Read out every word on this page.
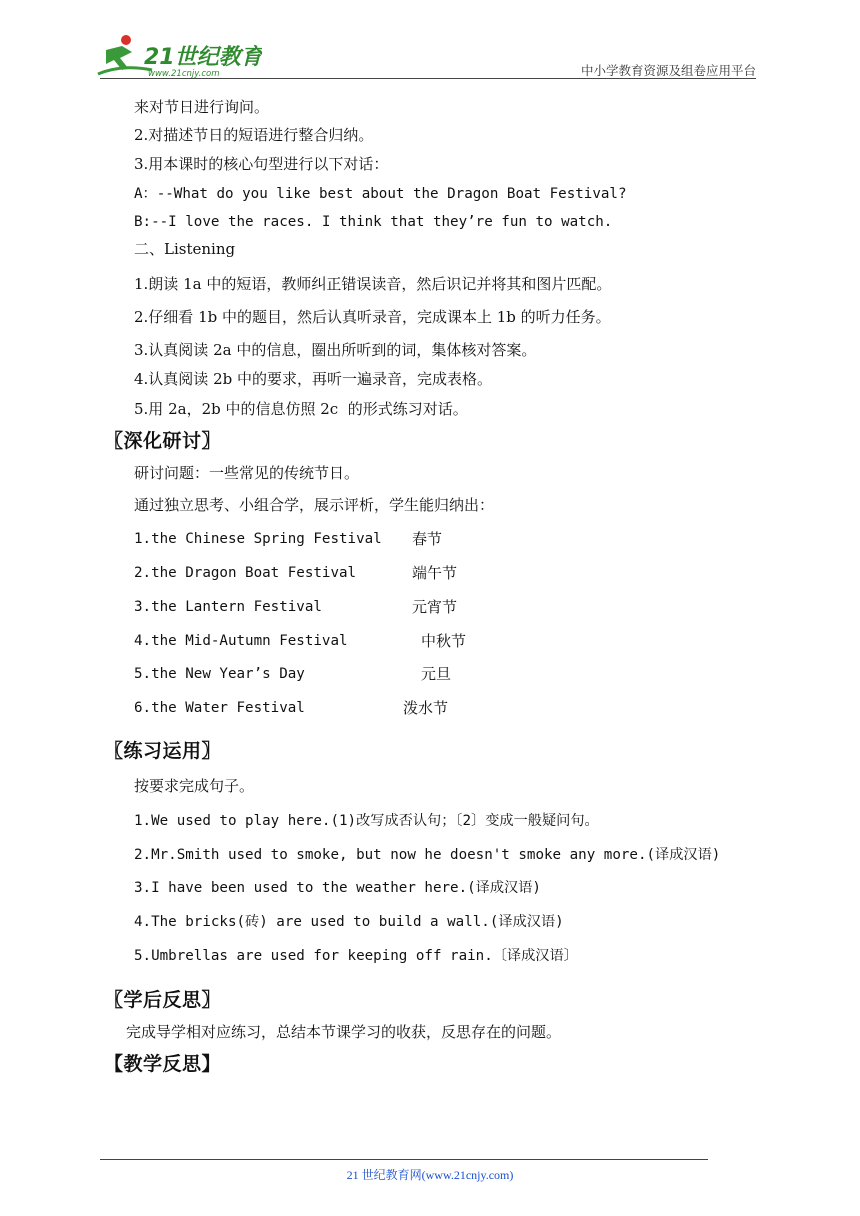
21世纪教育
www.21cnjy.com	中小学教育资源及组卷应用平台
来对节日进行询问。
2.对描述节日的短语进行整合归纳。
3.用本课时的核心句型进行以下对话：
A：--What do you like best about the Dragon Boat Festival?
B:--I love the races. I think that they’re fun to watch.
二、Listening
1.朗读 1a 中的短语，教师纠正错误读音，然后识记并将其和图片匹配。
2.仔细看 1b 中的题目，然后认真听录音，完成课本上 1b 的听力任务。
3.认真阅读 2a 中的信息，圈出所听到的词，集体核对答案。
4.认真阅读 2b 中的要求，再听一遍录音，完成表格。
5.用 2a，2b 中的信息仿照 2c  的形式练习对话。
〖深化研讨〗
研讨问题：一些常见的传统节日。
通过独立思考、小组合学，展示评析，学生能归纳出：
1.the Chinese Spring Festival 春节
2.the Dragon Boat Festival	端午节
3.the Lantern Festival	元宵节
4.the Mid-Autumn Festival	中秋节
5.the New Year’s Day	元旦
6.the Water Festival	泼水节
〖练习运用〗
按要求完成句子。
1.We used to play here.(1)改写成否认句；〔2〕变成一般疑问句。
2.Mr.Smith used to smoke, but now he doesn't smoke any more.(译成汉语)
3.I have been used to the weather here.(译成汉语)
4.The bricks(砖) are used to build a wall.(译成汉语)
5.Umbrellas are used for keeping off rain.〔译成汉语〕
〖学后反思〗
完成导学相对应练习，总结本节课学习的收获，反思存在的问题。
【教学反思】
21 世纪教育网(www.21cnjy.com)
